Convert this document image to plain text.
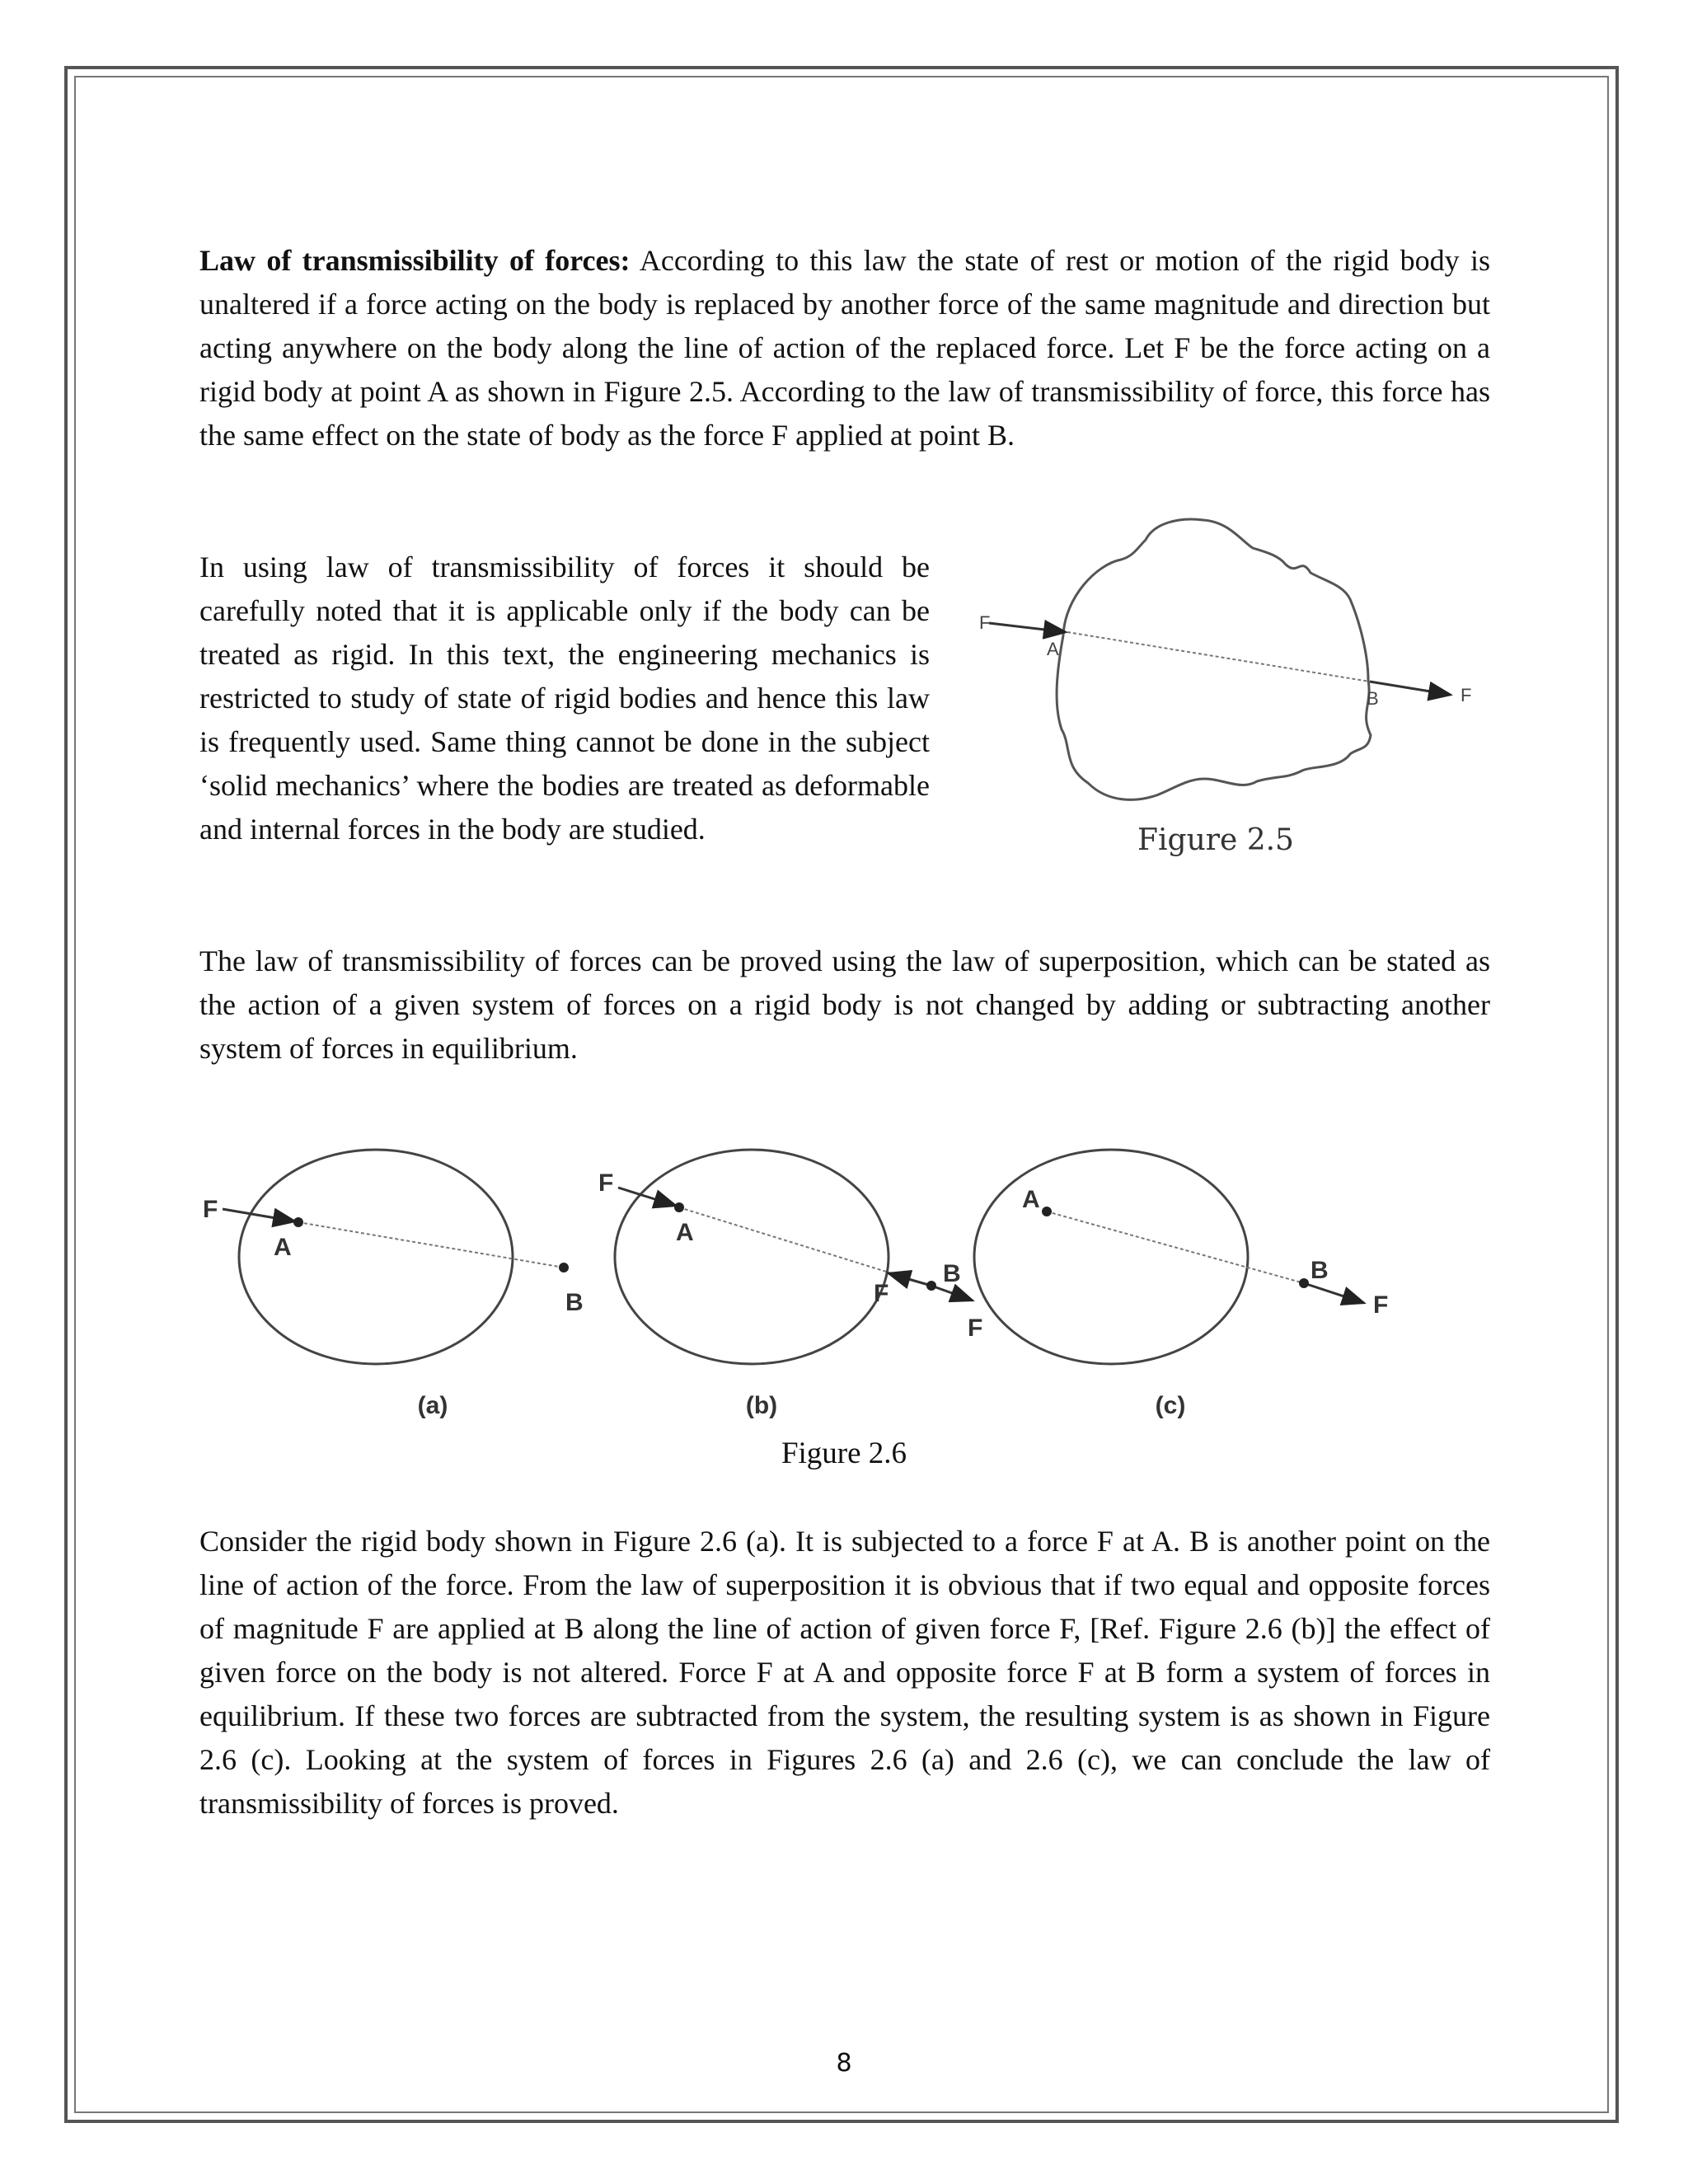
Law of transmissibility of forces: According to this law the state of rest or motion of the rigid body is unaltered if a force acting on the body is replaced by another force of the same magnitude and direction but acting anywhere on the body along the line of action of the replaced force. Let F be the force acting on a rigid body at point A as shown in Figure 2.5. According to the law of transmissibility of force, this force has the same effect on the state of body as the force F applied at point B.

In using law of transmissibility of forces it should be carefully noted that it is applicable only if the body can be treated as rigid. In this text, the engineering mechanics is restricted to study of state of rigid bodies and hence this law is frequently used. Same thing cannot be done in the subject ‘solid mechanics’ where the bodies are treated as deformable and internal forces in the body are studied.

F
A
B	F
Figure 2.5

The law of transmissibility of forces can be proved using the law of superposition, which can be stated as the action of a given system of forces on a rigid body is not changed by adding or subtracting another system of forces in equilibrium.

F
A
B
(a)
F
A
B
F
F
(b)
A
B
F
(c)
Figure 2.6

Consider the rigid body shown in Figure 2.6 (a). It is subjected to a force F at A. B is another point on the line of action of the force. From the law of superposition it is obvious that if two equal and opposite forces of magnitude F are applied at B along the line of action of given force F, [Ref. Figure 2.6 (b)] the effect of given force on the body is not altered. Force F at A and opposite force F at B form a system of forces in equilibrium. If these two forces are subtracted from the system, the resulting system is as shown in Figure 2.6 (c). Looking at the system of forces in Figures 2.6 (a) and 2.6 (c), we can conclude the law of transmissibility of forces is proved.

8
